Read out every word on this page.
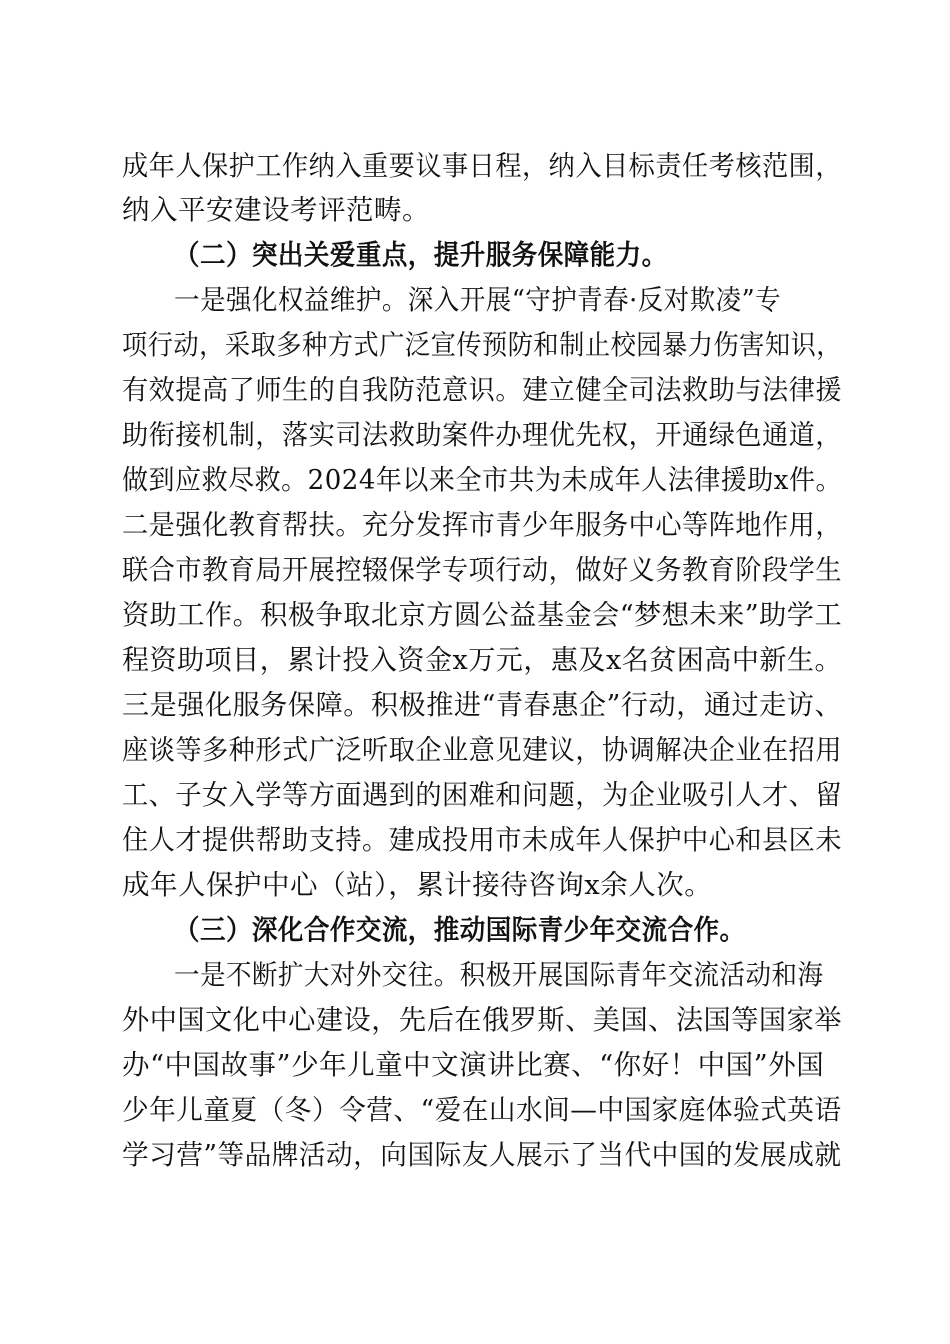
成年人保护工作纳入重要议事日程，纳入目标责任考核范围，
纳入平安建设考评范畴。
（二）突出关爱重点，提升服务保障能力。
一是强化权益维护。深入开展“守护青春·反对欺凌”专
项行动，采取多种方式广泛宣传预防和制止校园暴力伤害知识，
有效提高了师生的自我防范意识。建立健全司法救助与法律援
助衔接机制，落实司法救助案件办理优先权，开通绿色通道，
做到应救尽救。2024年以来全市共为未成年人法律援助x件。
二是强化教育帮扶。充分发挥市青少年服务中心等阵地作用，
联合市教育局开展控辍保学专项行动，做好义务教育阶段学生
资助工作。积极争取北京方圆公益基金会“梦想未来”助学工
程资助项目，累计投入资金x万元，惠及x名贫困高中新生。
三是强化服务保障。积极推进“青春惠企”行动，通过走访、
座谈等多种形式广泛听取企业意见建议，协调解决企业在招用
工、子女入学等方面遇到的困难和问题，为企业吸引人才、留
住人才提供帮助支持。建成投用市未成年人保护中心和县区未
成年人保护中心（站），累计接待咨询x余人次。
（三）深化合作交流，推动国际青少年交流合作。
一是不断扩大对外交往。积极开展国际青年交流活动和海
外中国文化中心建设，先后在俄罗斯、美国、法国等国家举
办“中国故事”少年儿童中文演讲比赛、“你好！中国”外国
少年儿童夏（冬）令营、“爱在山水间—中国家庭体验式英语
学习营”等品牌活动，向国际友人展示了当代中国的发展成就
